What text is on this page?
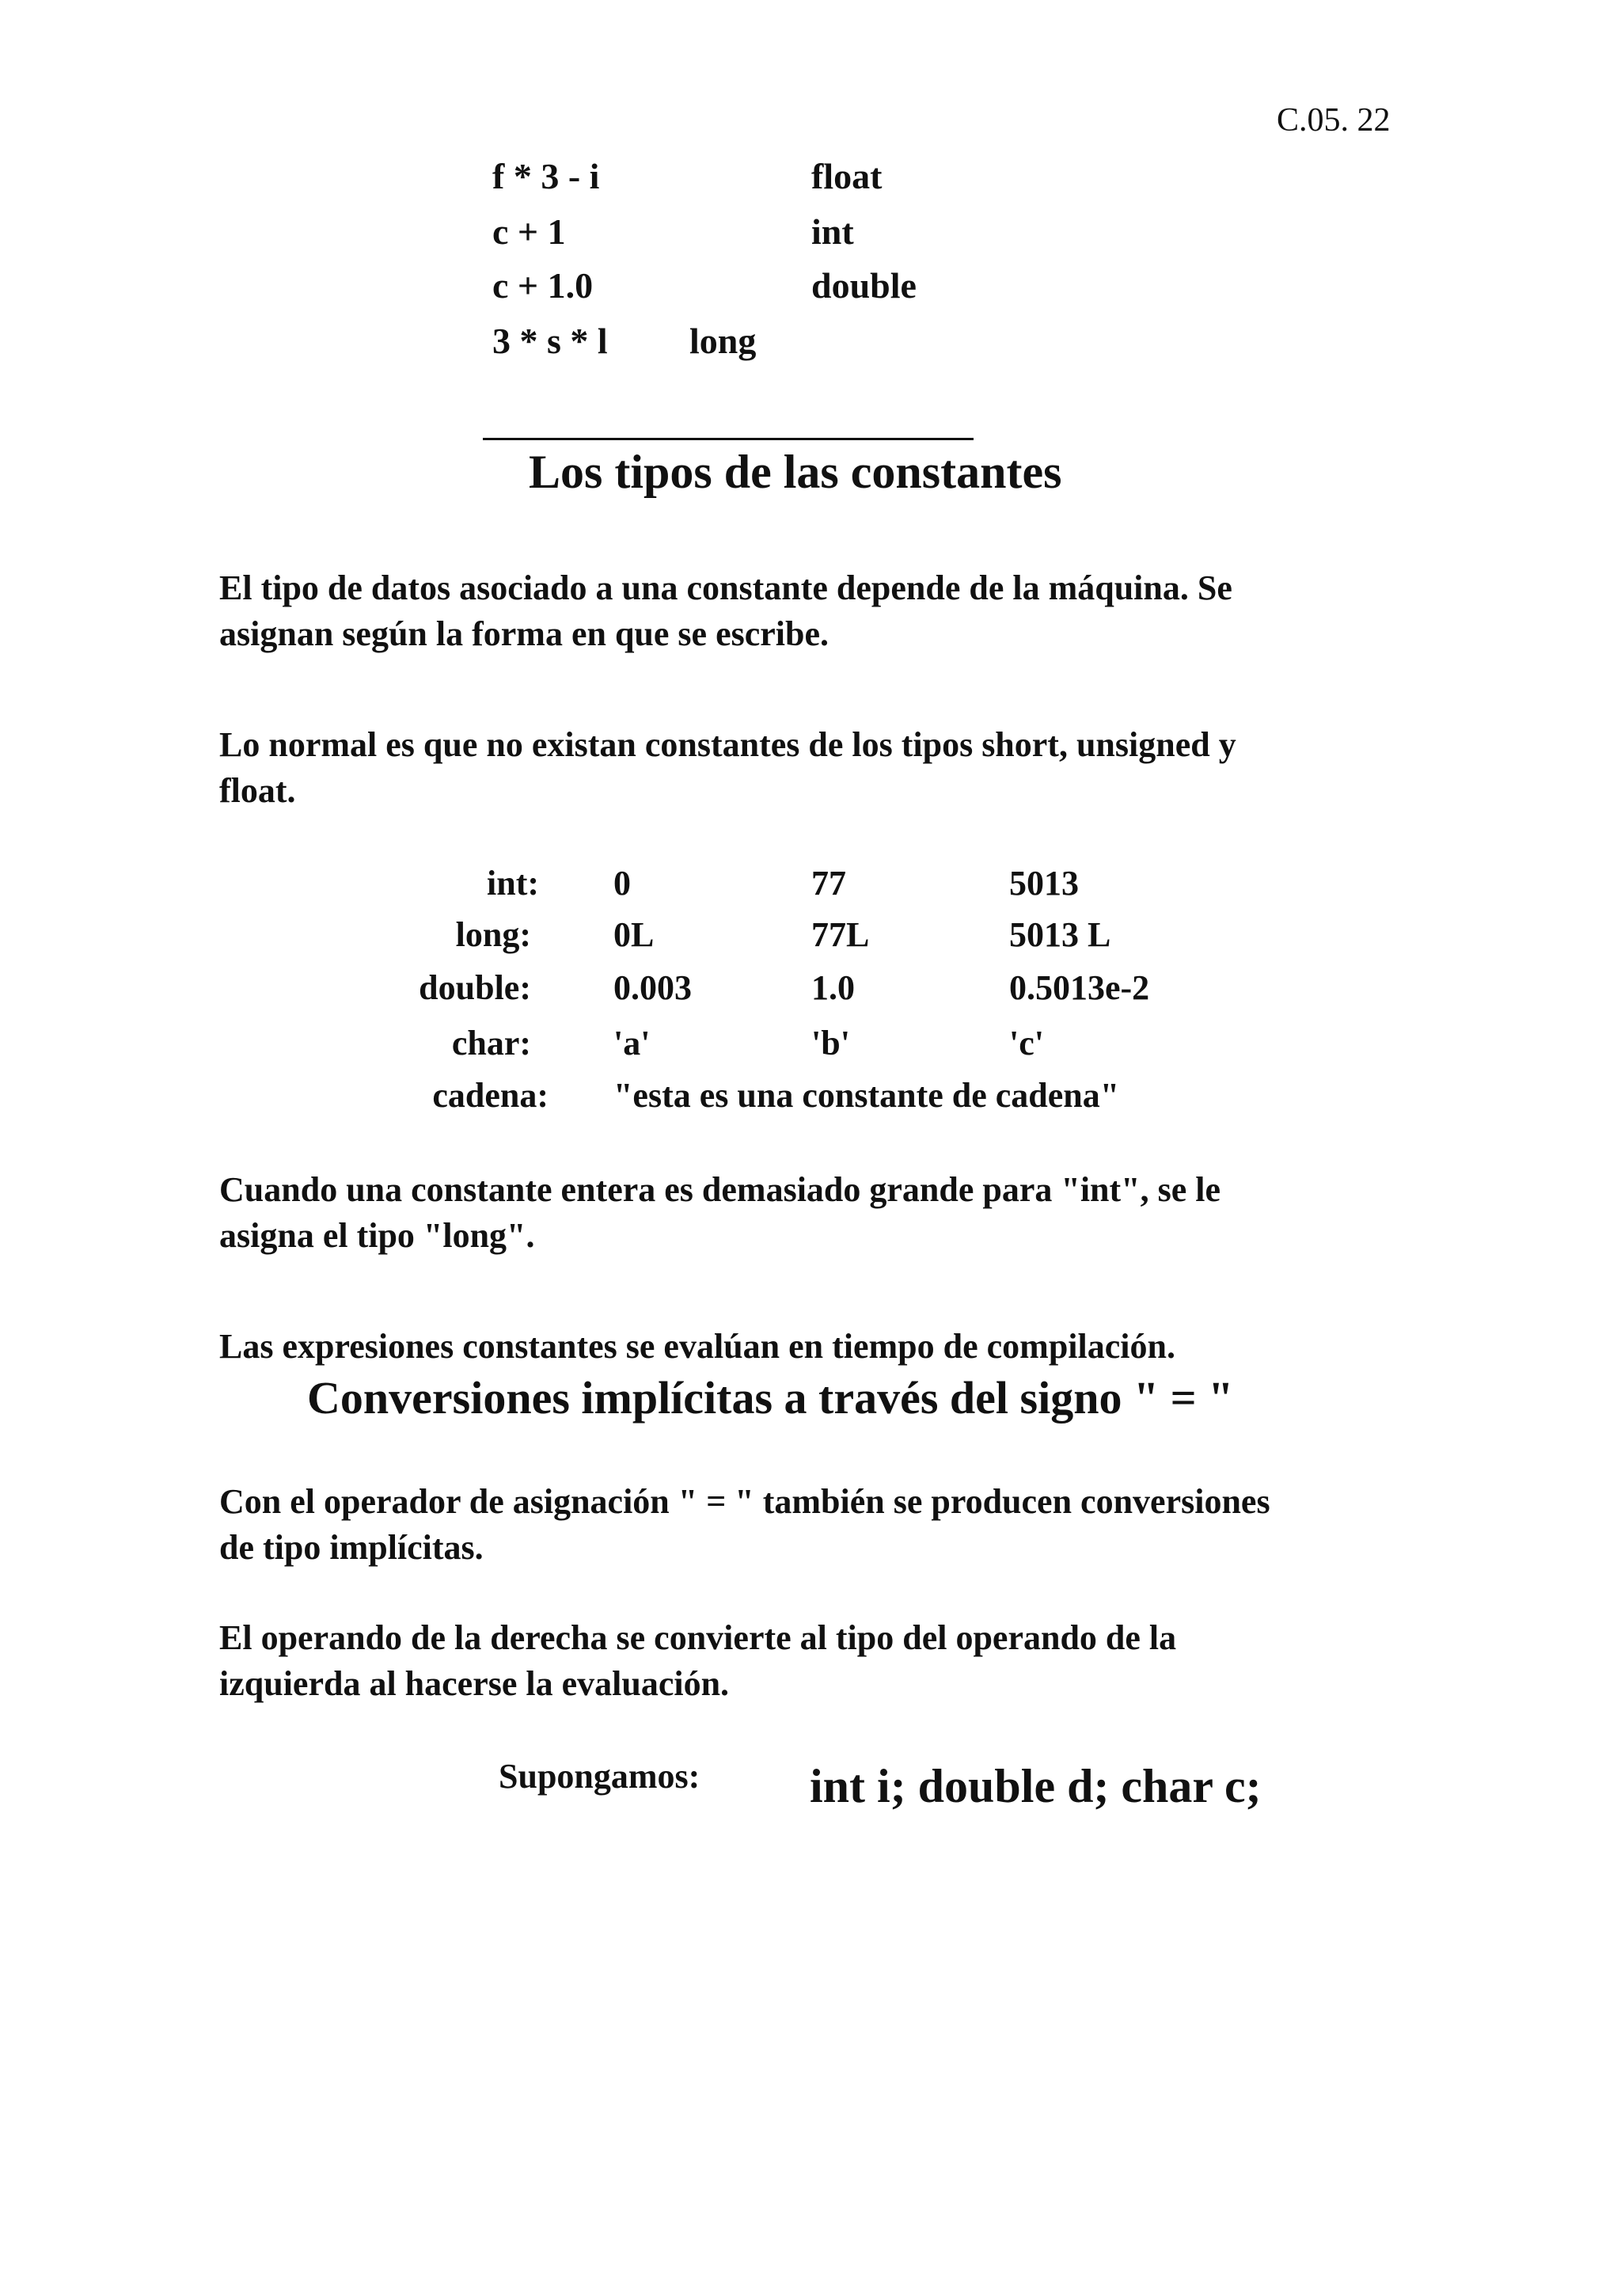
C.05. 22
f * 3 - i	float
c + 1	int
c + 1.0	double
3 * s * l long
Los tipos de las constantes
El tipo de datos asociado a una constante depende de la máquina. Se
asignan según la forma en que se escribe.
Lo normal es que no existan constantes de los tipos short, unsigned y
float.
int: 0	77	5013
long: 0L	77L	5013 L
double: 0.003	1.0	0.5013e-2
char: 'a'	'b'	'c'
cadena: "esta es una constante de cadena"
Cuando una constante entera es demasiado grande para "int", se le
asigna el tipo "long".
Las expresiones constantes se evalúan en tiempo de compilación.
Conversiones implícitas a través del signo " = "
Con el operador de asignación " = " también se producen conversiones
de tipo implícitas.
El operando de la derecha se convierte al tipo del operando de la
izquierda al hacerse la evaluación.
Supongamos: int i; double d; char c;
